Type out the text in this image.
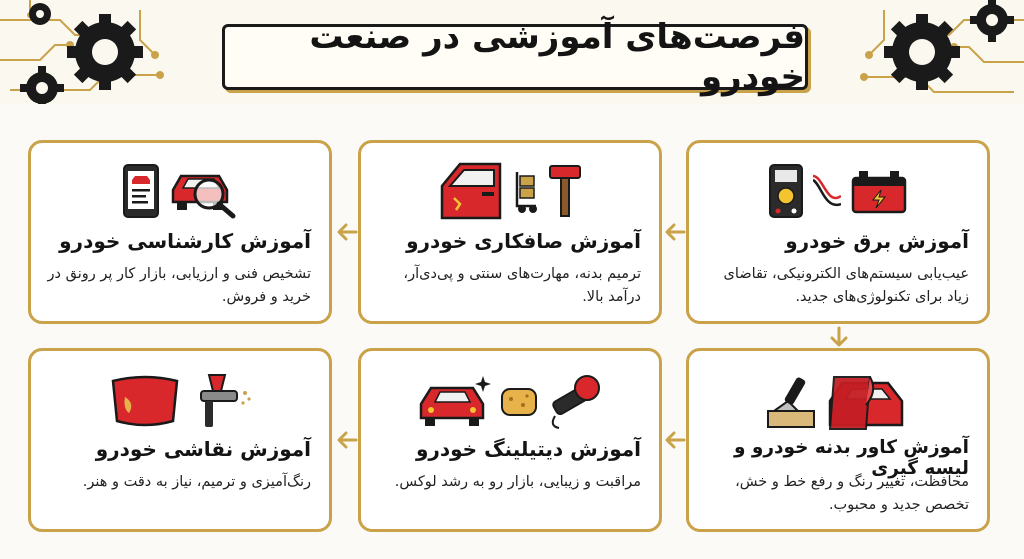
فرصت‌های آموزشی در صنعت خودرو
آموزش برق خودرو
عیب‌یابی سیستم‌های الکترونیکی، تقاضای زیاد برای تکنولوژی‌های جدید.
آموزش صافکاری خودرو
ترمیم بدنه، مهارت‌های سنتی و پی‌دی‌آر، درآمد بالا.
آموزش کارشناسی خودرو
تشخیص فنی و ارزیابی، بازار کار پر رونق در خرید و فروش.
آموزش کاور بدنه خودرو و لیسه گیری
محافظت، تغییر رنگ و رفع خط و خش، تخصص جدید و محبوب.
آموزش دیتیلینگ خودرو
مراقبت و زیبایی، بازار رو به رشد لوکس.
آموزش نقاشی خودرو
رنگ‌آمیزی و ترمیم، نیاز به دقت و هنر.
